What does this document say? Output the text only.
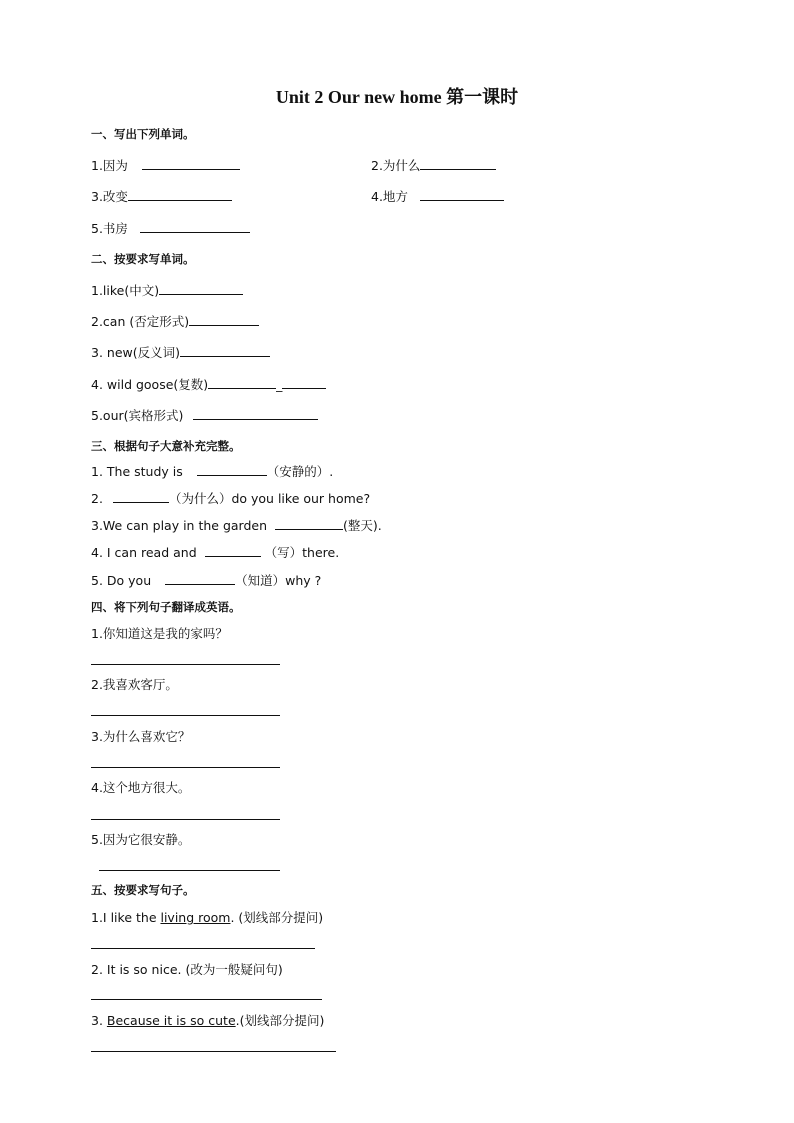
Unit 2 Our new home 第一课时
一、写出下列单词。
1.因为	2.为什么
3.改变	4.地方
5.书房
二、按要求写单词。
1.like(中文)
2.can (否定形式)
3. new(反义词)
4. wild goose(复数)	_
5.our(宾格形式)
三、根据句子大意补充完整。
1. The study is	（安静的）.
2.	（为什么）do you like our home?
3.We can play in the garden	(整天).
4. I can read and	（写）there.
5. Do you	（知道）why ?
四、将下列句子翻译成英语。
1.你知道这是我的家吗？
2.我喜欢客厅。
3.为什么喜欢它？
4.这个地方很大。
5.因为它很安静。
五、按要求写句子。
1.I like the living room. (划线部分提问)
2. It is so nice. (改为一般疑问句)
3. Because it is so cute.(划线部分提问)
